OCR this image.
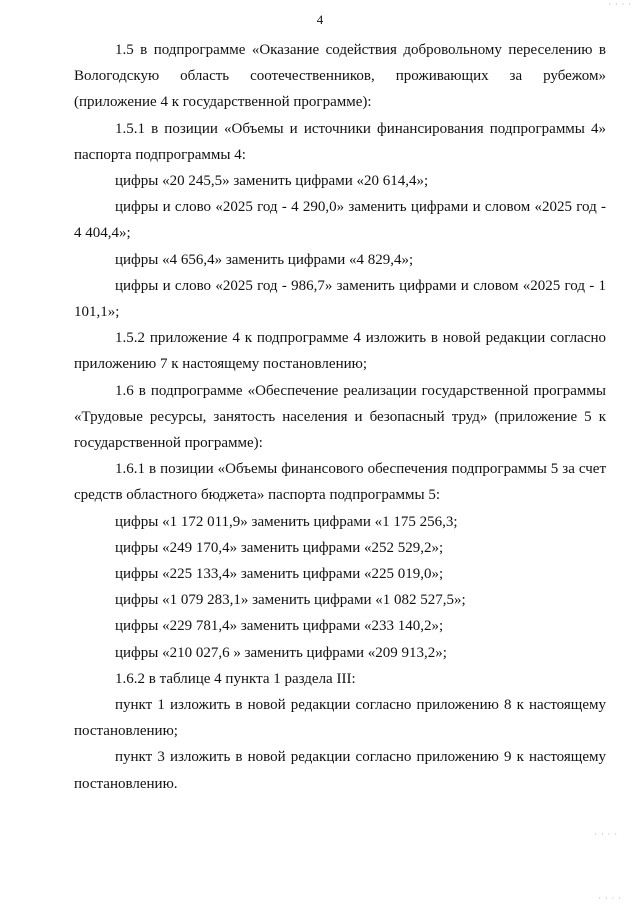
4

1.5 в подпрограмме «Оказание содействия добровольному переселению в Вологодскую область соотечественников, проживающих за рубежом» (приложение 4 к государственной программе):

1.5.1 в позиции «Объемы и источники финансирования подпрограммы 4» паспорта подпрограммы 4:

цифры «20 245,5» заменить цифрами «20 614,4»;

цифры и слово «2025 год - 4 290,0» заменить цифрами и словом «2025 год - 4 404,4»;

цифры «4 656,4» заменить цифрами «4 829,4»;

цифры и слово «2025 год - 986,7» заменить цифрами и словом «2025 год - 1 101,1»;

1.5.2 приложение 4 к подпрограмме 4 изложить в новой редакции согласно приложению 7 к настоящему постановлению;

1.6 в подпрограмме «Обеспечение реализации государственной программы «Трудовые ресурсы, занятость населения и безопасный труд» (приложение 5 к государственной программе):

1.6.1 в позиции «Объемы финансового обеспечения подпрограммы 5 за счет средств областного бюджета» паспорта подпрограммы 5:

цифры «1 172 011,9» заменить цифрами «1 175 256,3;

цифры «249 170,4» заменить цифрами «252 529,2»;

цифры «225 133,4» заменить цифрами «225 019,0»;

цифры «1 079 283,1» заменить цифрами «1 082 527,5»;

цифры «229 781,4» заменить цифрами «233 140,2»;

цифры «210 027,6 » заменить цифрами «209 913,2»;

1.6.2 в таблице 4 пункта 1 раздела III:

пункт 1 изложить в новой редакции согласно приложению 8 к настоящему постановлению;

пункт 3 изложить в новой редакции согласно приложению 9 к настоящему постановлению.

· · · ·
· · · ·
· · · ·
